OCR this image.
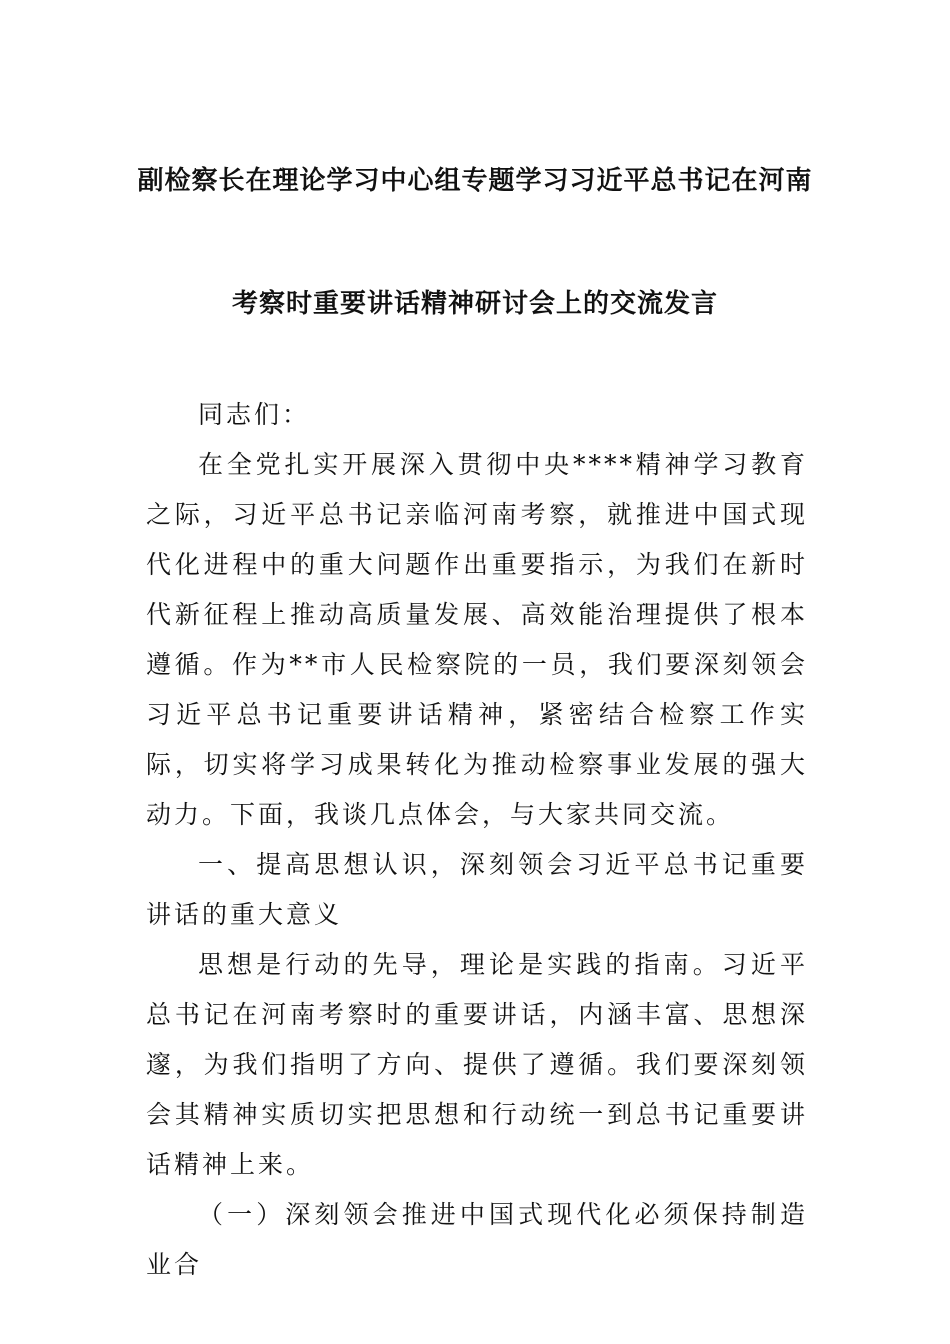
副检察长在理论学习中心组专题学习习近平总书记在河南
考察时重要讲话精神研讨会上的交流发言

同志们：

在全党扎实开展深入贯彻中央****精神学习教育之际，习近平总书记亲临河南考察，就推进中国式现代化进程中的重大问题作出重要指示，为我们在新时代新征程上推动高质量发展、高效能治理提供了根本遵循。作为**市人民检察院的一员，我们要深刻领会习近平总书记重要讲话精神，紧密结合检察工作实际，切实将学习成果转化为推动检察事业发展的强大动力。下面，我谈几点体会，与大家共同交流。

一、提高思想认识，深刻领会习近平总书记重要讲话的重大意义

思想是行动的先导，理论是实践的指南。习近平总书记在河南考察时的重要讲话，内涵丰富、思想深邃，为我们指明了方向、提供了遵循。我们要深刻领会其精神实质切实把思想和行动统一到总书记重要讲话精神上来。

（一）深刻领会推进中国式现代化必须保持制造业合
